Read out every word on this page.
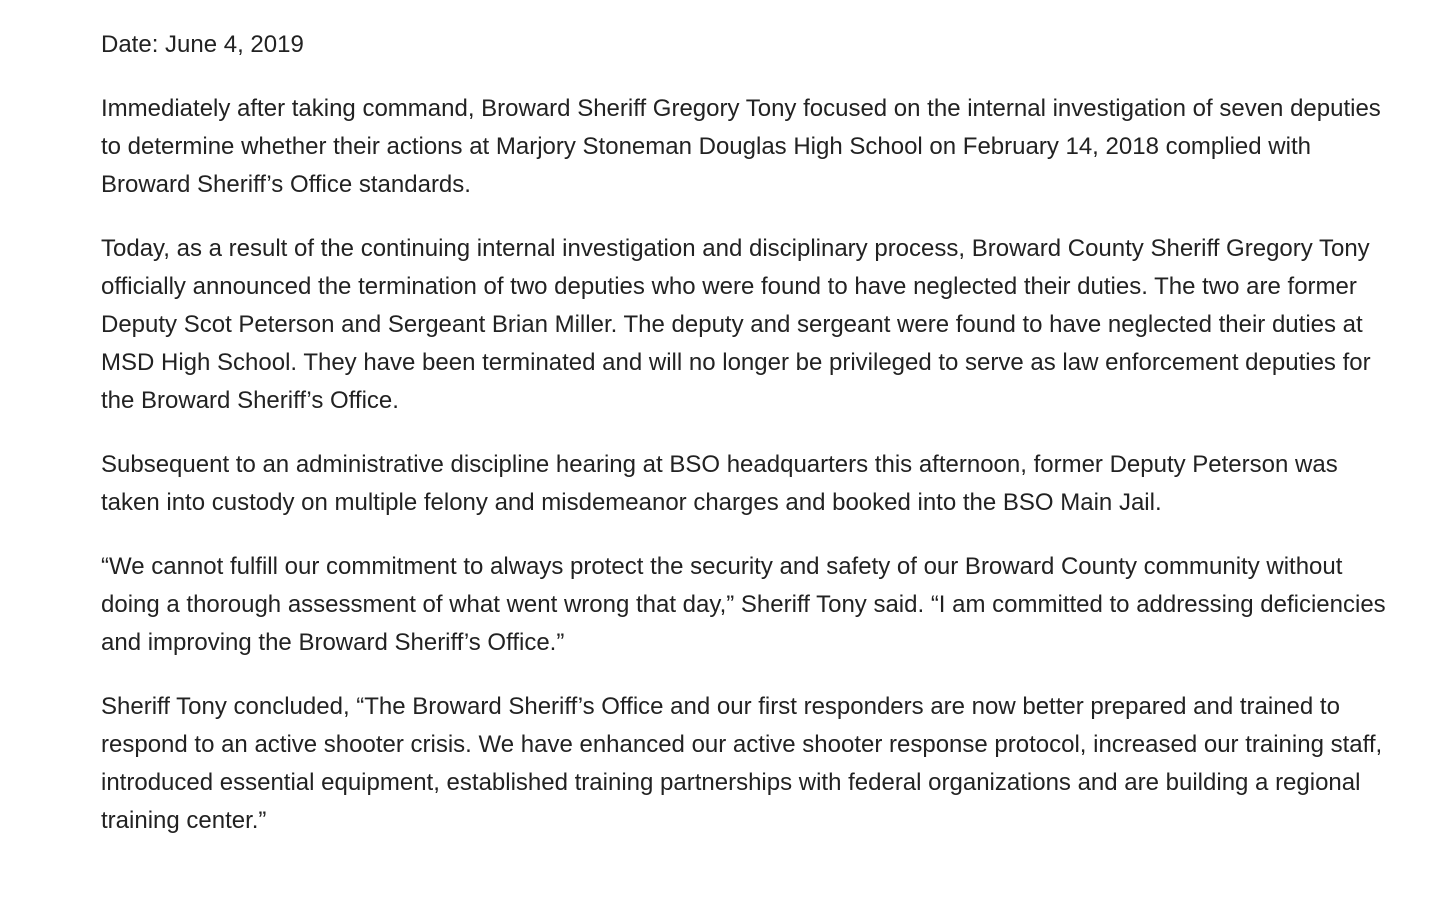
Date: June 4, 2019

Immediately after taking command, Broward Sheriff Gregory Tony focused on the internal investigation of seven deputies to determine whether their actions at Marjory Stoneman Douglas High School on February 14, 2018 complied with Broward Sheriff’s Office standards.

Today, as a result of the continuing internal investigation and disciplinary process, Broward County Sheriff Gregory Tony officially announced the termination of two deputies who were found to have neglected their duties. The two are former Deputy Scot Peterson and Sergeant Brian Miller. The deputy and sergeant were found to have neglected their duties at MSD High School. They have been terminated and will no longer be privileged to serve as law enforcement deputies for the Broward Sheriff’s Office.

Subsequent to an administrative discipline hearing at BSO headquarters this afternoon, former Deputy Peterson was taken into custody on multiple felony and misdemeanor charges and booked into the BSO Main Jail.

“We cannot fulfill our commitment to always protect the security and safety of our Broward County community without doing a thorough assessment of what went wrong that day,” Sheriff Tony said. “I am committed to addressing deficiencies and improving the Broward Sheriff’s Office.”

Sheriff Tony concluded, “The Broward Sheriff’s Office and our first responders are now better prepared and trained to respond to an active shooter crisis. We have enhanced our active shooter response protocol, increased our training staff, introduced essential equipment, established training partnerships with federal organizations and are building a regional training center.”
